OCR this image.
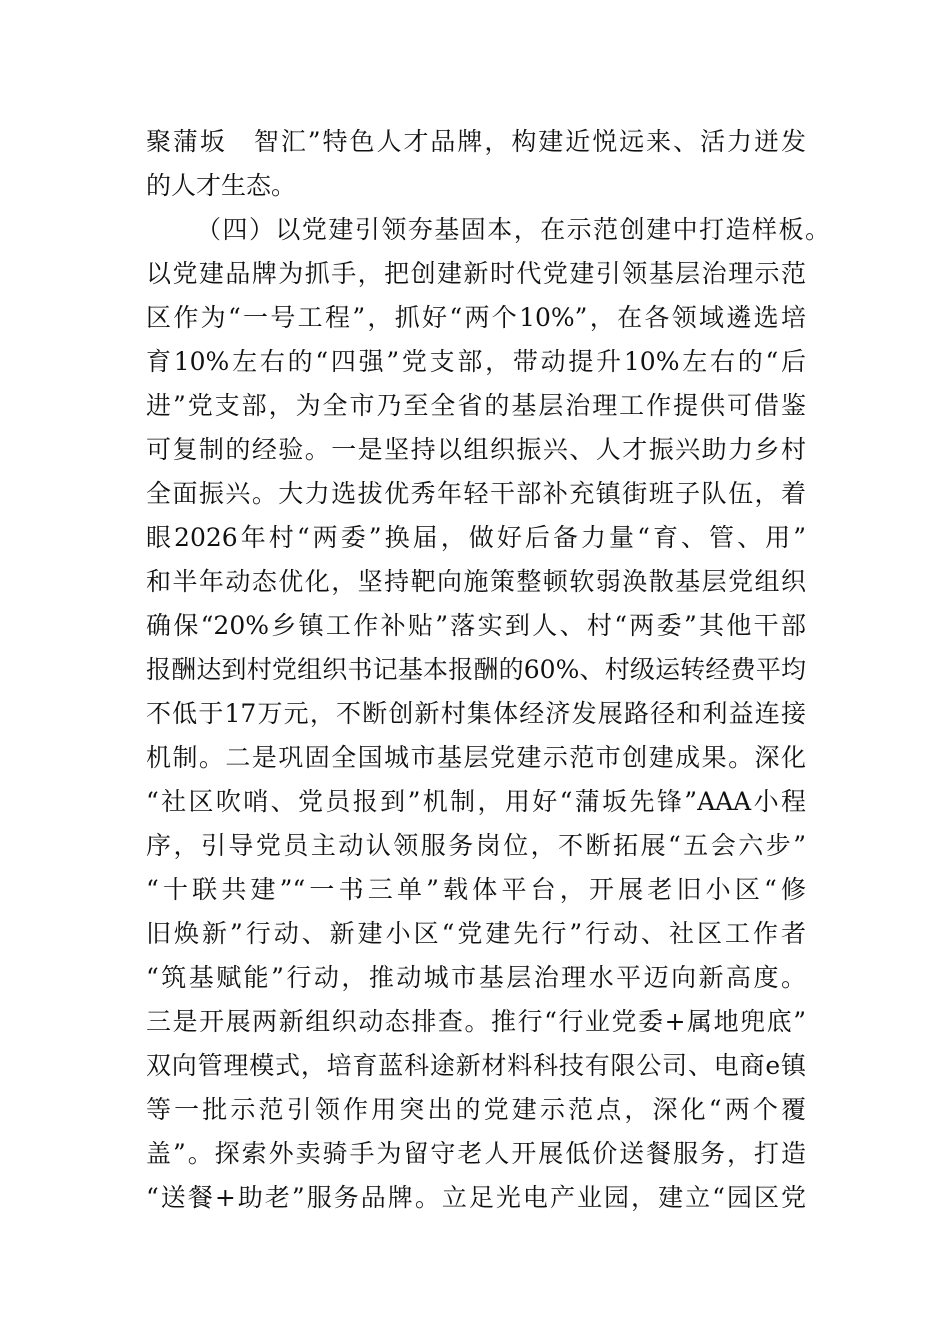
聚蒲坂　智汇”特色人才品牌，构建近悦远来、活力迸发
的人才生态。
（四）以党建引领夯基固本，在示范创建中打造样板。
以党建品牌为抓手，把创建新时代党建引领基层治理示范
区作为“一号工程”，抓好“两个10%”，在各领域遴选培
育10%左右的“四强”党支部，带动提升10%左右的“后
进”党支部，为全市乃至全省的基层治理工作提供可借鉴
可复制的经验。一是坚持以组织振兴、人才振兴助力乡村
全面振兴。大力选拔优秀年轻干部补充镇街班子队伍，着
眼2026年村“两委”换届，做好后备力量“育、管、用”
和半年动态优化，坚持靶向施策整顿软弱涣散基层党组织
确保“20%乡镇工作补贴”落实到人、村“两委”其他干部
报酬达到村党组织书记基本报酬的60%、村级运转经费平均
不低于17万元，不断创新村集体经济发展路径和利益连接
机制。二是巩固全国城市基层党建示范市创建成果。深化
“社区吹哨、党员报到”机制，用好“蒲坂先锋”AAA小程
序，引导党员主动认领服务岗位，不断拓展“五会六步”
“十联共建”“一书三单”载体平台，开展老旧小区“修
旧焕新”行动、新建小区“党建先行”行动、社区工作者
“筑基赋能”行动，推动城市基层治理水平迈向新高度。
三是开展两新组织动态排查。推行“行业党委+属地兜底”
双向管理模式，培育蓝科途新材料科技有限公司、电商e镇
等一批示范引领作用突出的党建示范点，深化“两个覆
盖”。探索外卖骑手为留守老人开展低价送餐服务，打造
“送餐+助老”服务品牌。立足光电产业园，建立“园区党
